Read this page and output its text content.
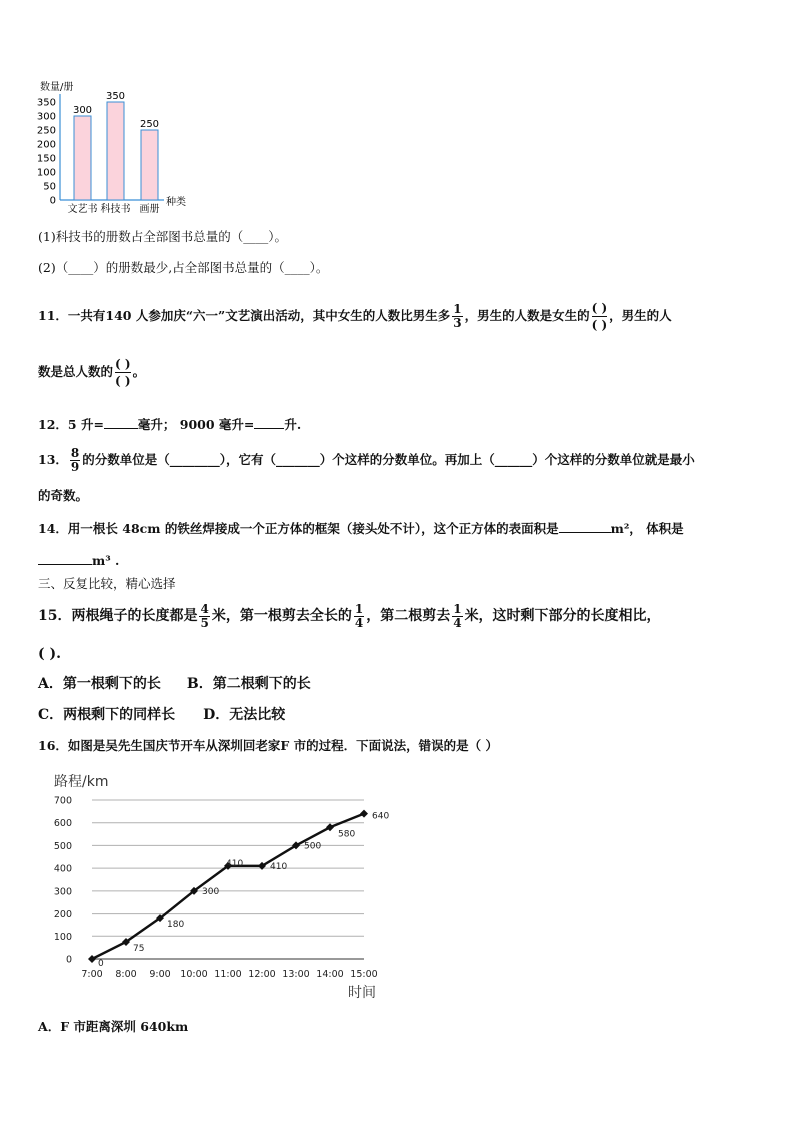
数量/册
0
50
100
150
200
250
300
350
300
350
250
文艺书 科技书 画册
种类
(1)科技书的册数占全部图书总量的（____）。
(2)（____）的册数最少,占全部图书总量的（____）。
11．一共有140 人参加庆“六一”文艺演出活动，其中女生的人数比男生多 $\frac{1}{3}$ ，男生的人数是女生的 ( )
( )
，男生的人
数是总人数的 ( )
( )
。
12．5 升=	毫升； 9000 毫升= 升.
13． $\frac{8}{9}$ 的分数单位是（________），它有（_______）个这样的分数单位。再加上（______）个这样的分数单位就是最小
的奇数。
14．用一根长 48cm 的铁丝焊接成一个正方体的框架（接头处不计），这个正方体的表面积是	m²， 体积是
m³ .
三、反复比较，精心选择
15．两根绳子的长度都是 $\frac{4}{5}$ 米，第一根剪去全长的 $\frac{1}{4}$ ，第二根剪去 $\frac{1}{4}$ 米，这时剩下部分的长度相比，
( ).
A．第一根剩下的长 B．第二根剩下的长
C．两根剩下的同样长 D．无法比较
16．如图是吴先生国庆节开车从深圳回老家F 市的过程．下面说法，错误的是（ ）
路程/km
0
100
200
300
400
500
600
700
7:00 8:00 9:00 10:00 11:00 12:00 13:00 14:00 15:00
0
75
180
300
410	410
500
580
640
时间
A．F 市距离深圳 640km
